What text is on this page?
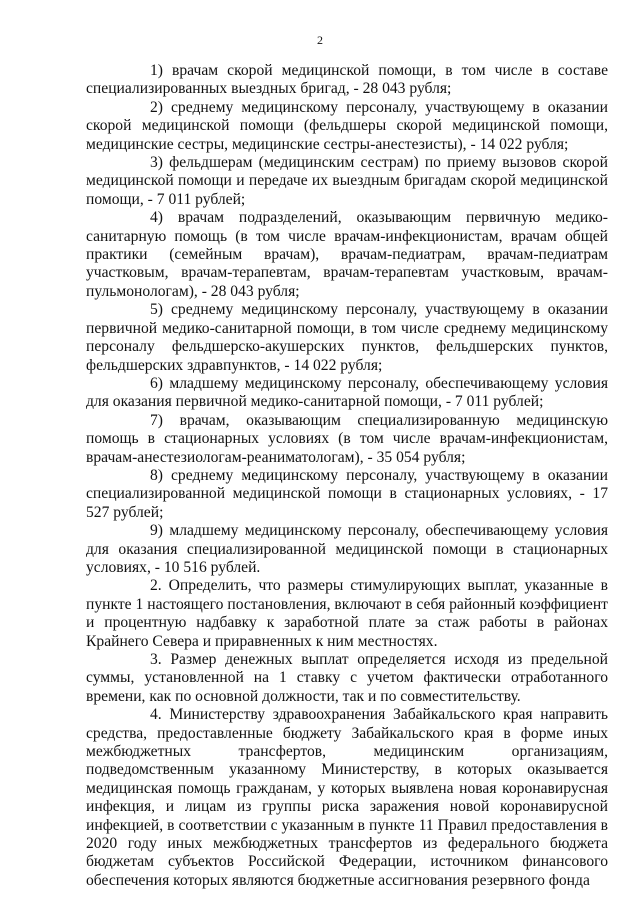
2

1) врачам скорой медицинской помощи, в том числе в составе специализированных выездных бригад, - 28 043 рубля;

2) среднему медицинскому персоналу, участвующему в оказании скорой медицинской помощи (фельдшеры скорой медицинской помощи, медицинские сестры, медицинские сестры-анестезисты), - 14 022 рубля;

3) фельдшерам (медицинским сестрам) по приему вызовов скорой медицинской помощи и передаче их выездным бригадам скорой медицинской помощи, - 7 011 рублей;

4) врачам подразделений, оказывающим первичную медико-санитарную помощь (в том числе врачам-инфекционистам, врачам общей практики (семейным врачам), врачам-педиатрам, врачам-педиатрам участковым, врачам-терапевтам, врачам-терапевтам участковым, врачам-пульмонологам), - 28 043 рубля;

5) среднему медицинскому персоналу, участвующему в оказании первичной медико-санитарной помощи, в том числе среднему медицинскому персоналу фельдшерско-акушерских пунктов, фельдшерских пунктов, фельдшерских здравпунктов, - 14 022 рубля;

6) младшему медицинскому персоналу, обеспечивающему условия для оказания первичной медико-санитарной помощи, - 7 011 рублей;

7) врачам, оказывающим специализированную медицинскую помощь в стационарных условиях (в том числе врачам-инфекционистам, врачам-анестезиологам-реаниматологам), - 35 054 рубля;

8) среднему медицинскому персоналу, участвующему в оказании специализированной медицинской помощи в стационарных условиях, - 17 527 рублей;

9) младшему медицинскому персоналу, обеспечивающему условия для оказания специализированной медицинской помощи в стационарных условиях, - 10 516 рублей.

2. Определить, что размеры стимулирующих выплат, указанные в пункте 1 настоящего постановления, включают в себя районный коэффициент и процентную надбавку к заработной плате за стаж работы в районах Крайнего Севера и приравненных к ним местностях.

3. Размер денежных выплат определяется исходя из предельной суммы, установленной на 1 ставку с учетом фактически отработанного времени, как по основной должности, так и по совместительству.

4. Министерству здравоохранения Забайкальского края направить средства, предоставленные бюджету Забайкальского края в форме иных межбюджетных трансфертов, медицинским организациям, подведомственным указанному Министерству, в которых оказывается медицинская помощь гражданам, у которых выявлена новая коронавирусная инфекция, и лицам из группы риска заражения новой коронавирусной инфекцией, в соответствии с указанным в пункте 11 Правил предоставления в 2020 году иных межбюджетных трансфертов из федерального бюджета бюджетам субъектов Российской Федерации, источником финансового обеспечения которых являются бюджетные ассигнования резервного фонда
